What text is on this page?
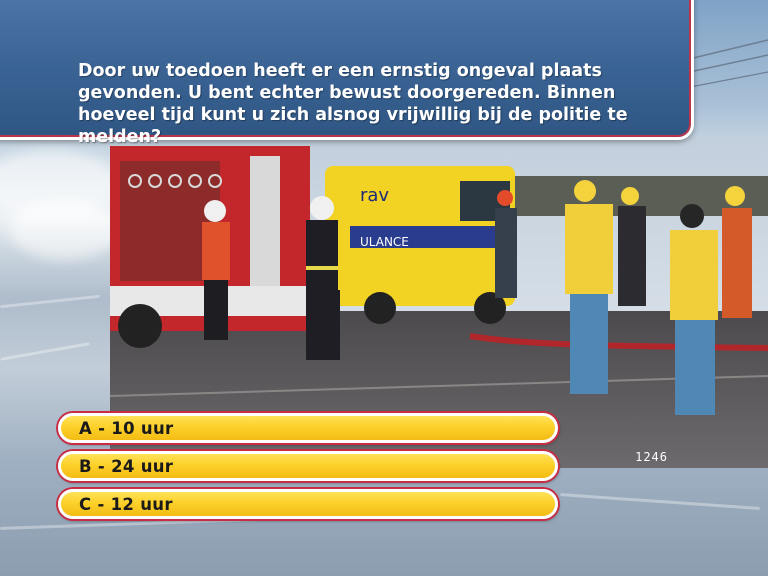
rav
ULANCE
1246

Door uw toedoen heeft er een ernstig ongeval plaats gevonden. U bent echter bewust doorgereden. Binnen hoeveel tijd kunt u zich alsnog vrijwillig bij de politie te melden?

A - 10 uur
B - 24 uur
C - 12 uur
